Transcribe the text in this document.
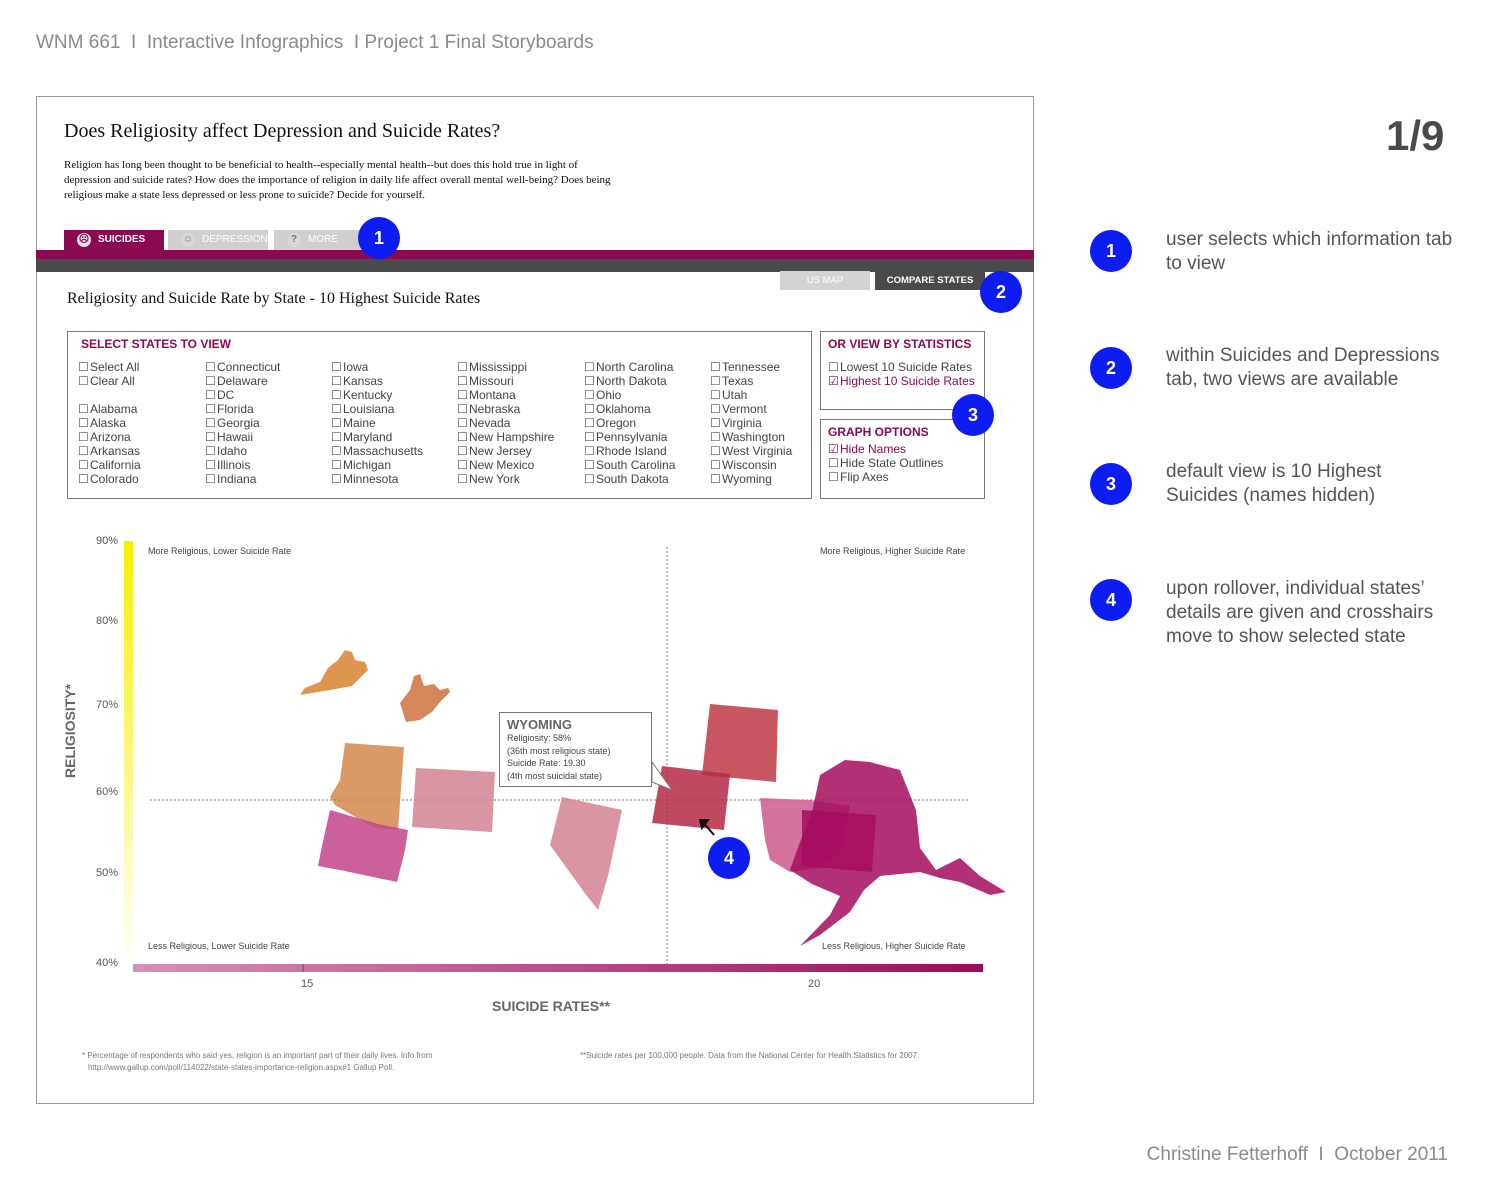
WNM 661  I  Interactive Infographics  I Project 1 Final Storyboards
1/9
Christine Fetterhoff  I  October 2011
Does Religiosity affect Depression and Suicide Rates?
Religion has long been thought to be beneficial to health--especially mental health--but does this hold true in light of depression and suicide rates? How does the importance of religion in daily life affect overall mental well-being? Does being religious make a state less depressed or less prone to suicide? Decide for yourself.
☹ SUICIDES	☺ DEPRESSION	?	MORE
US MAP	COMPARE STATES
Religiosity and Suicide Rate by State - 10 Highest Suicide Rates
SELECT STATES TO VIEW
☐Select All
☐Clear All
☐Alabama
☐Alaska
☐Arizona
☐Arkansas
☐California
☐Colorado
☐Connecticut
☐Delaware
☐DC
☐Florida
☐Georgia
☐Hawaii
☐Idaho
☐Illinois
☐Indiana
☐Iowa
☐Kansas
☐Kentucky
☐Louisiana
☐Maine
☐Maryland
☐Massachusetts
☐Michigan
☐Minnesota
☐Mississippi
☐Missouri
☐Montana
☐Nebraska
☐Nevada
☐New Hampshire
☐New Jersey
☐New Mexico
☐New York
☐North Carolina
☐North Dakota
☐Ohio
☐Oklahoma
☐Oregon
☐Pennsylvania
☐Rhode Island
☐South Carolina
☐South Dakota
☐Tennessee
☐Texas
☐Utah
☐Vermont
☐Virginia
☐Washington
☐West Virginia
☐Wisconsin
☐Wyoming
OR VIEW BY STATISTICS
☐Lowest 10 Suicide Rates
☑Highest 10 Suicide Rates
GRAPH OPTIONS
☑Hide Names
☐Hide State Outlines
☐Flip Axes
90%
80%
70%
60%
50%
40%
15	20
RELIGIOSITY*
SUICIDE RATES**
More Religious, Lower Suicide Rate	More Religious, Higher Suicide Rate
Less Religious, Lower Suicide Rate	Less Religious, Higher Suicide Rate
WYOMING
Religiosity: 58%
(36th most religious state)
Suicide Rate: 19.30
(4th most suicidal state)
* Percentage of respondents who said yes, religion is an important part of their daily lives. Info from
http://www.gallup.com/poll/114022/state-states-importance-religion.aspx#1 Gallup Poll.
**Suicide rates per 100,000 people. Data from the National Center for Health Statistics for 2007.
1
2
3
4
1
user selects which information tab to view
2
within Suicides and Depressions tab, two views are available
3
default view is 10 Highest Suicides (names hidden)
4
upon rollover, individual states’ details are given and crosshairs move to show selected state
